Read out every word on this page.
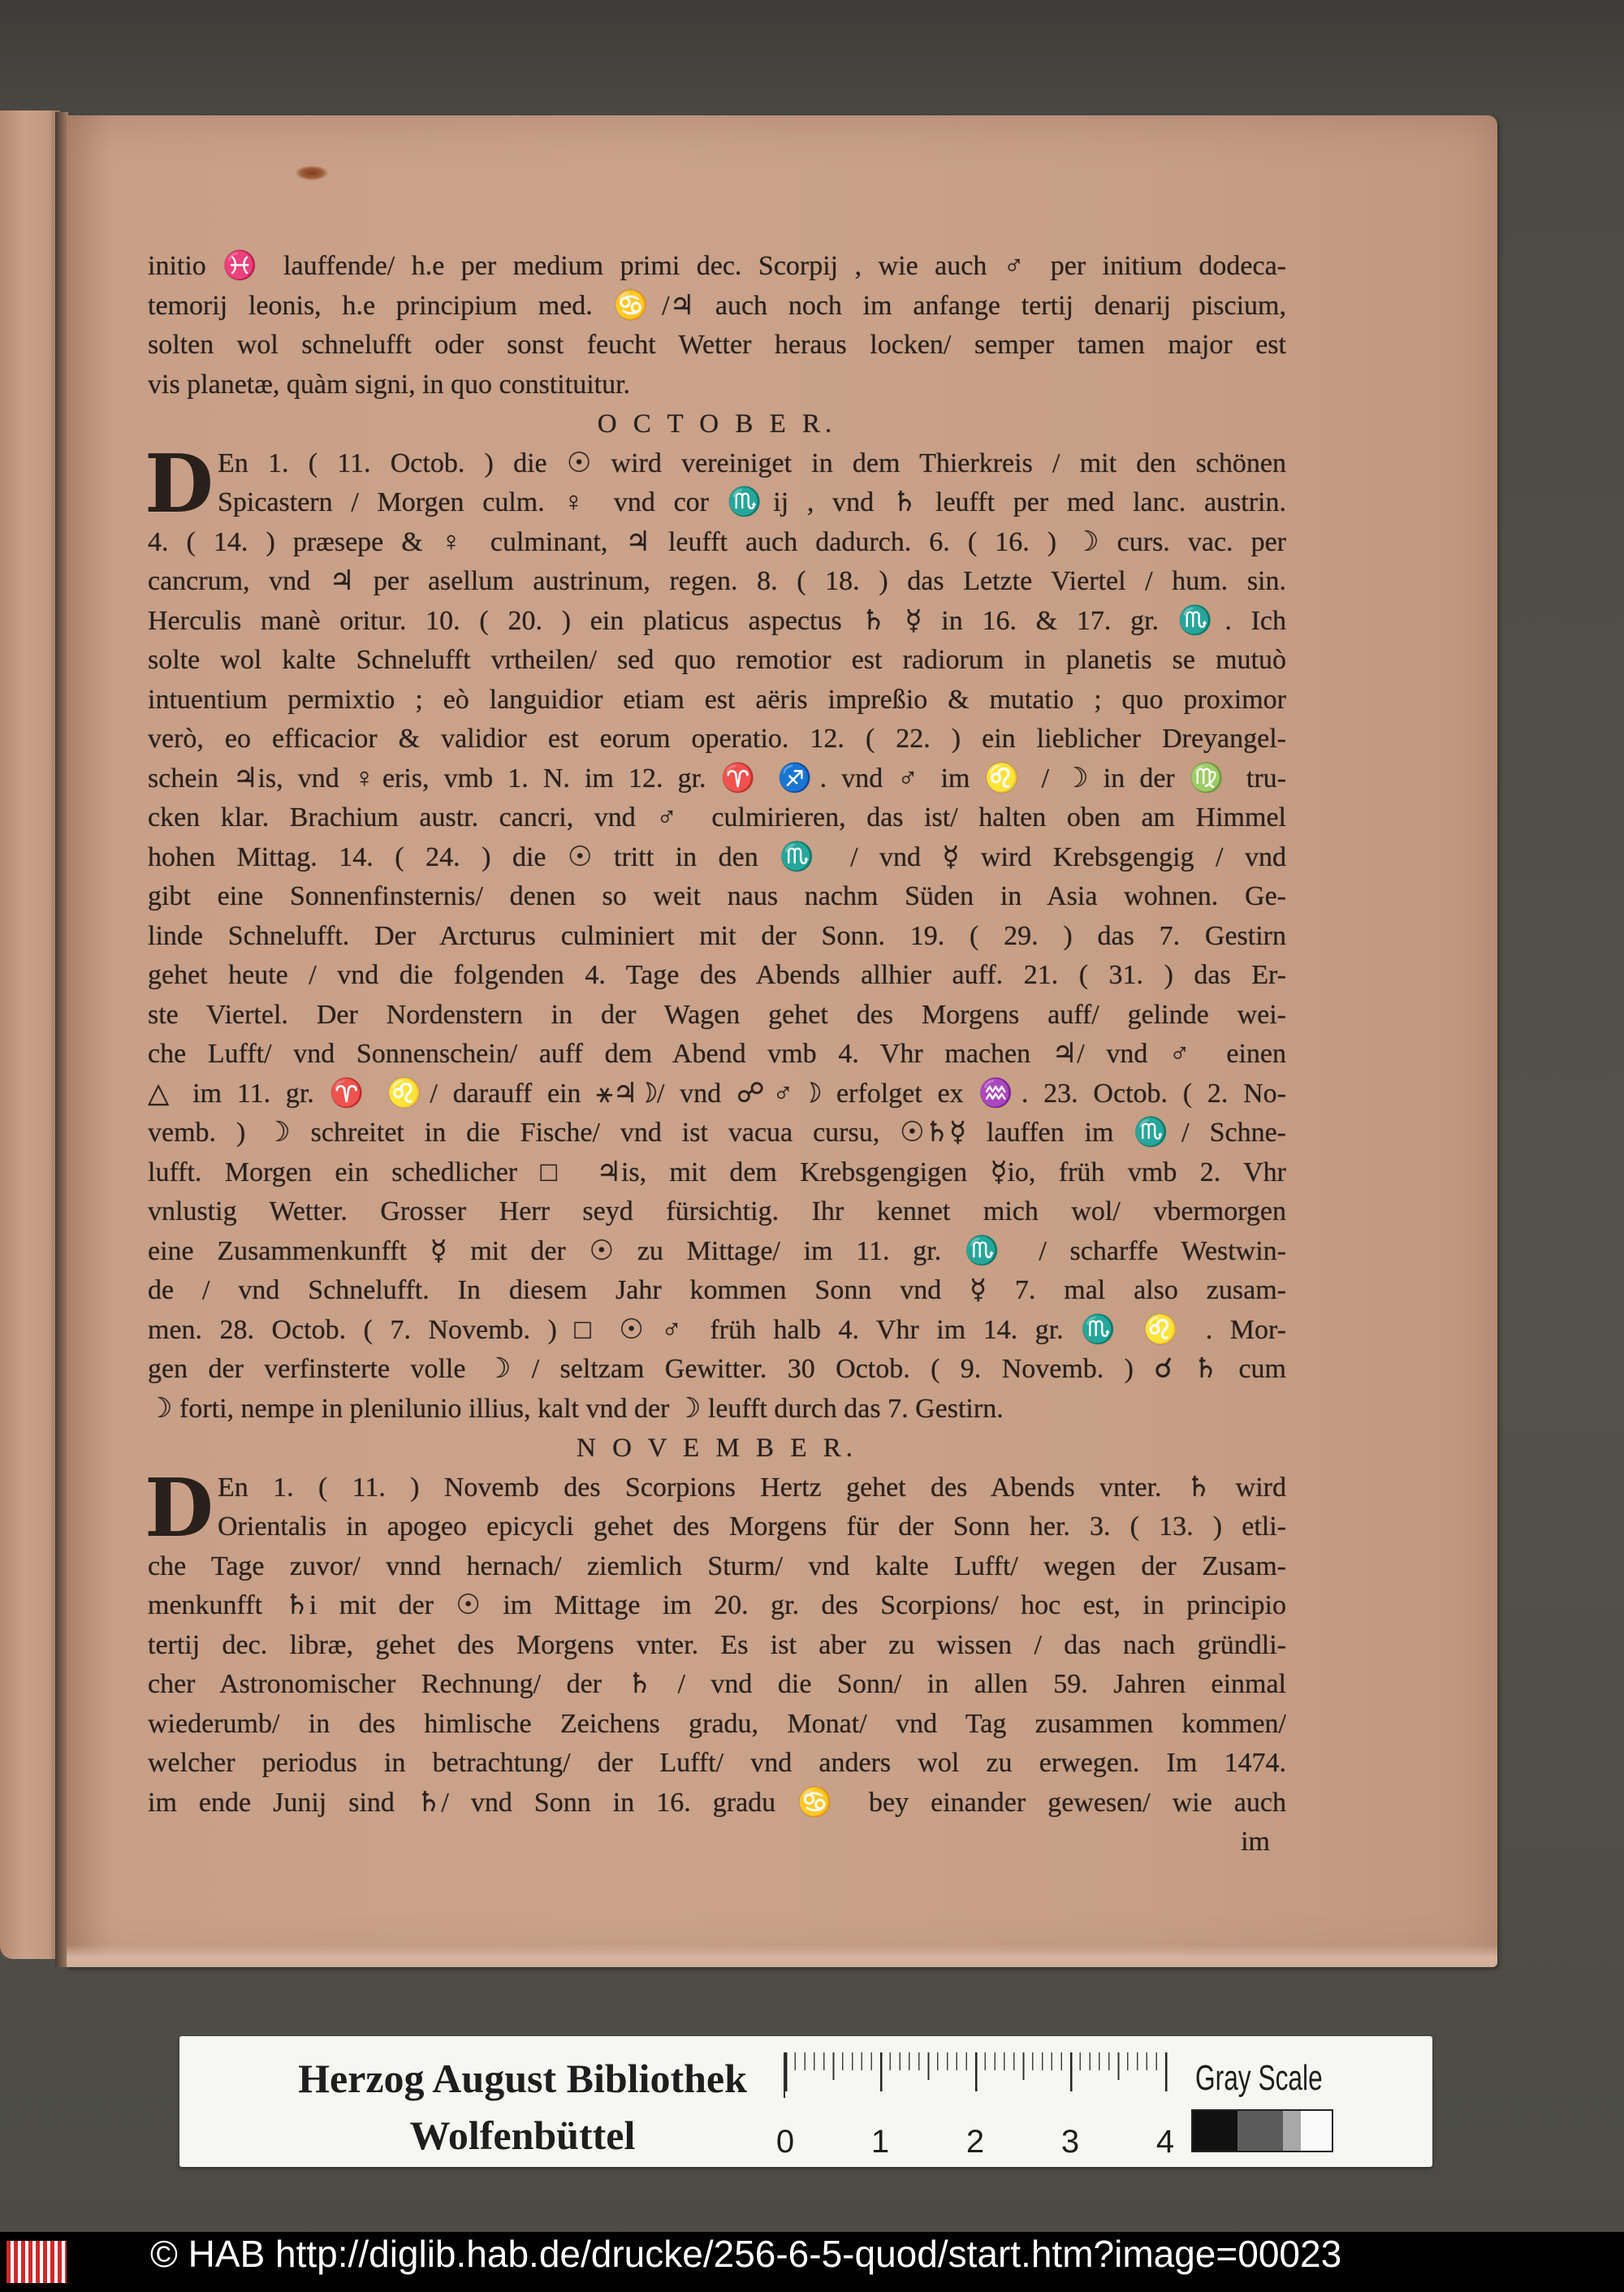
initio ♓ lauffende/ h.e per medium primi dec. Scorpij , wie auch ♂ per initium dodeca-
temorij leonis, h.e principium med. ♋/♃ auch noch im anfange tertij denarij piscium,
solten wol schnelufft oder sonst feucht Wetter heraus locken/ semper tamen major est
vis planetæ, quàm signi, in quo constituitur.
O C T O B E R.
D En 1. ( 11. Octob. ) die ☉ wird vereiniget in dem Thierkreis / mit den schönen
Spicastern / Morgen culm. ♀ vnd cor ♏ij , vnd ♄ leufft per med lanc. austrin.
4. ( 14. ) præsepe & ♀ culminant, ♃ leufft auch dadurch. 6. ( 16. ) ☽ curs. vac. per
cancrum, vnd ♃ per asellum austrinum, regen. 8. ( 18. ) das Letzte Viertel / hum. sin.
Herculis manè oritur. 10. ( 20. ) ein platicus aspectus ♄ ☿ in 16. & 17. gr. ♏. Ich
solte wol kalte Schnelufft vrtheilen/ sed quo remotior est radiorum in planetis se mutuò
intuentium permixtio ; eò languidior etiam est aëris impreßio & mutatio ; quo proximor
verò, eo efficacior & validior est eorum operatio. 12. ( 22. ) ein lieblicher Dreyangel-
schein ♃is, vnd ♀eris, vmb 1. N. im 12. gr. ♈ ♐. vnd ♂ im ♌ / ☽ in der ♍ tru-
cken klar. Brachium austr. cancri, vnd ♂ culmirieren, das ist/ halten oben am Himmel
hohen Mittag. 14. ( 24. ) die ☉ tritt in den ♏ / vnd ☿ wird Krebsgengig / vnd
gibt eine Sonnenfinsternis/ denen so weit naus nachm Süden in Asia wohnen. Ge-
linde Schnelufft. Der Arcturus culminiert mit der Sonn. 19. ( 29. ) das 7. Gestirn
gehet heute / vnd die folgenden 4. Tage des Abends allhier auff. 21. ( 31. ) das Er-
ste Viertel. Der Nordenstern in der Wagen gehet des Morgens auff/ gelinde wei-
che Lufft/ vnd Sonnenschein/ auff dem Abend vmb 4. Vhr machen ♃/ vnd ♂ einen
△ im 11. gr. ♈ ♌/ darauff ein ⚹♃☽/ vnd ☍♂☽ erfolget ex ♒. 23. Octob. ( 2. No-
vemb. ) ☽ schreitet in die Fische/ vnd ist vacua cursu, ☉♄☿ lauffen im ♏/ Schne-
lufft. Morgen ein schedlicher □ ♃is, mit dem Krebsgengigen ☿io, früh vmb 2. Vhr
vnlustig Wetter. Grosser Herr seyd fürsichtig. Ihr kennet mich wol/ vbermorgen
eine Zusammenkunfft ☿ mit der ☉ zu Mittage/ im 11. gr. ♏ / scharffe Westwin-
de / vnd Schnelufft. In diesem Jahr kommen Sonn vnd ☿ 7. mal also zusam-
men. 28. Octob. ( 7. Novemb. ) □ ☉ ♂ früh halb 4. Vhr im 14. gr. ♏ ♌ . Mor-
gen der verfinsterte volle ☽ / seltzam Gewitter. 30 Octob. ( 9. Novemb. ) ☌ ♄ cum
☽ forti, nempe in plenilunio illius, kalt vnd der ☽ leufft durch das 7. Gestirn.
N O V E M B E R.
D En 1. ( 11. ) Novemb des Scorpions Hertz gehet des Abends vnter. ♄ wird
Orientalis in apogeo epicycli gehet des Morgens für der Sonn her. 3. ( 13. ) etli-
che Tage zuvor/ vnnd hernach/ ziemlich Sturm/ vnd kalte Lufft/ wegen der Zusam-
menkunfft ♄i mit der ☉ im Mittage im 20. gr. des Scorpions/ hoc est, in principio
tertij dec. libræ, gehet des Morgens vnter. Es ist aber zu wissen / das nach gründli-
cher Astronomischer Rechnung/ der ♄ / vnd die Sonn/ in allen 59. Jahren einmal
wiederumb/ in des himlische Zeichens gradu, Monat/ vnd Tag zusammen kommen/
welcher periodus in betrachtung/ der Lufft/ vnd anders wol zu erwegen. Im 1474.
im ende Junij sind ♄/ vnd Sonn in 16. gradu ♋ bey einander gewesen/ wie auch
im
Herzog August Bibliothek
Wolfenbüttel	0 1 2 3 4
Gray Scale
© HAB http://diglib.hab.de/drucke/256-6-5-quod/start.htm?image=00023
